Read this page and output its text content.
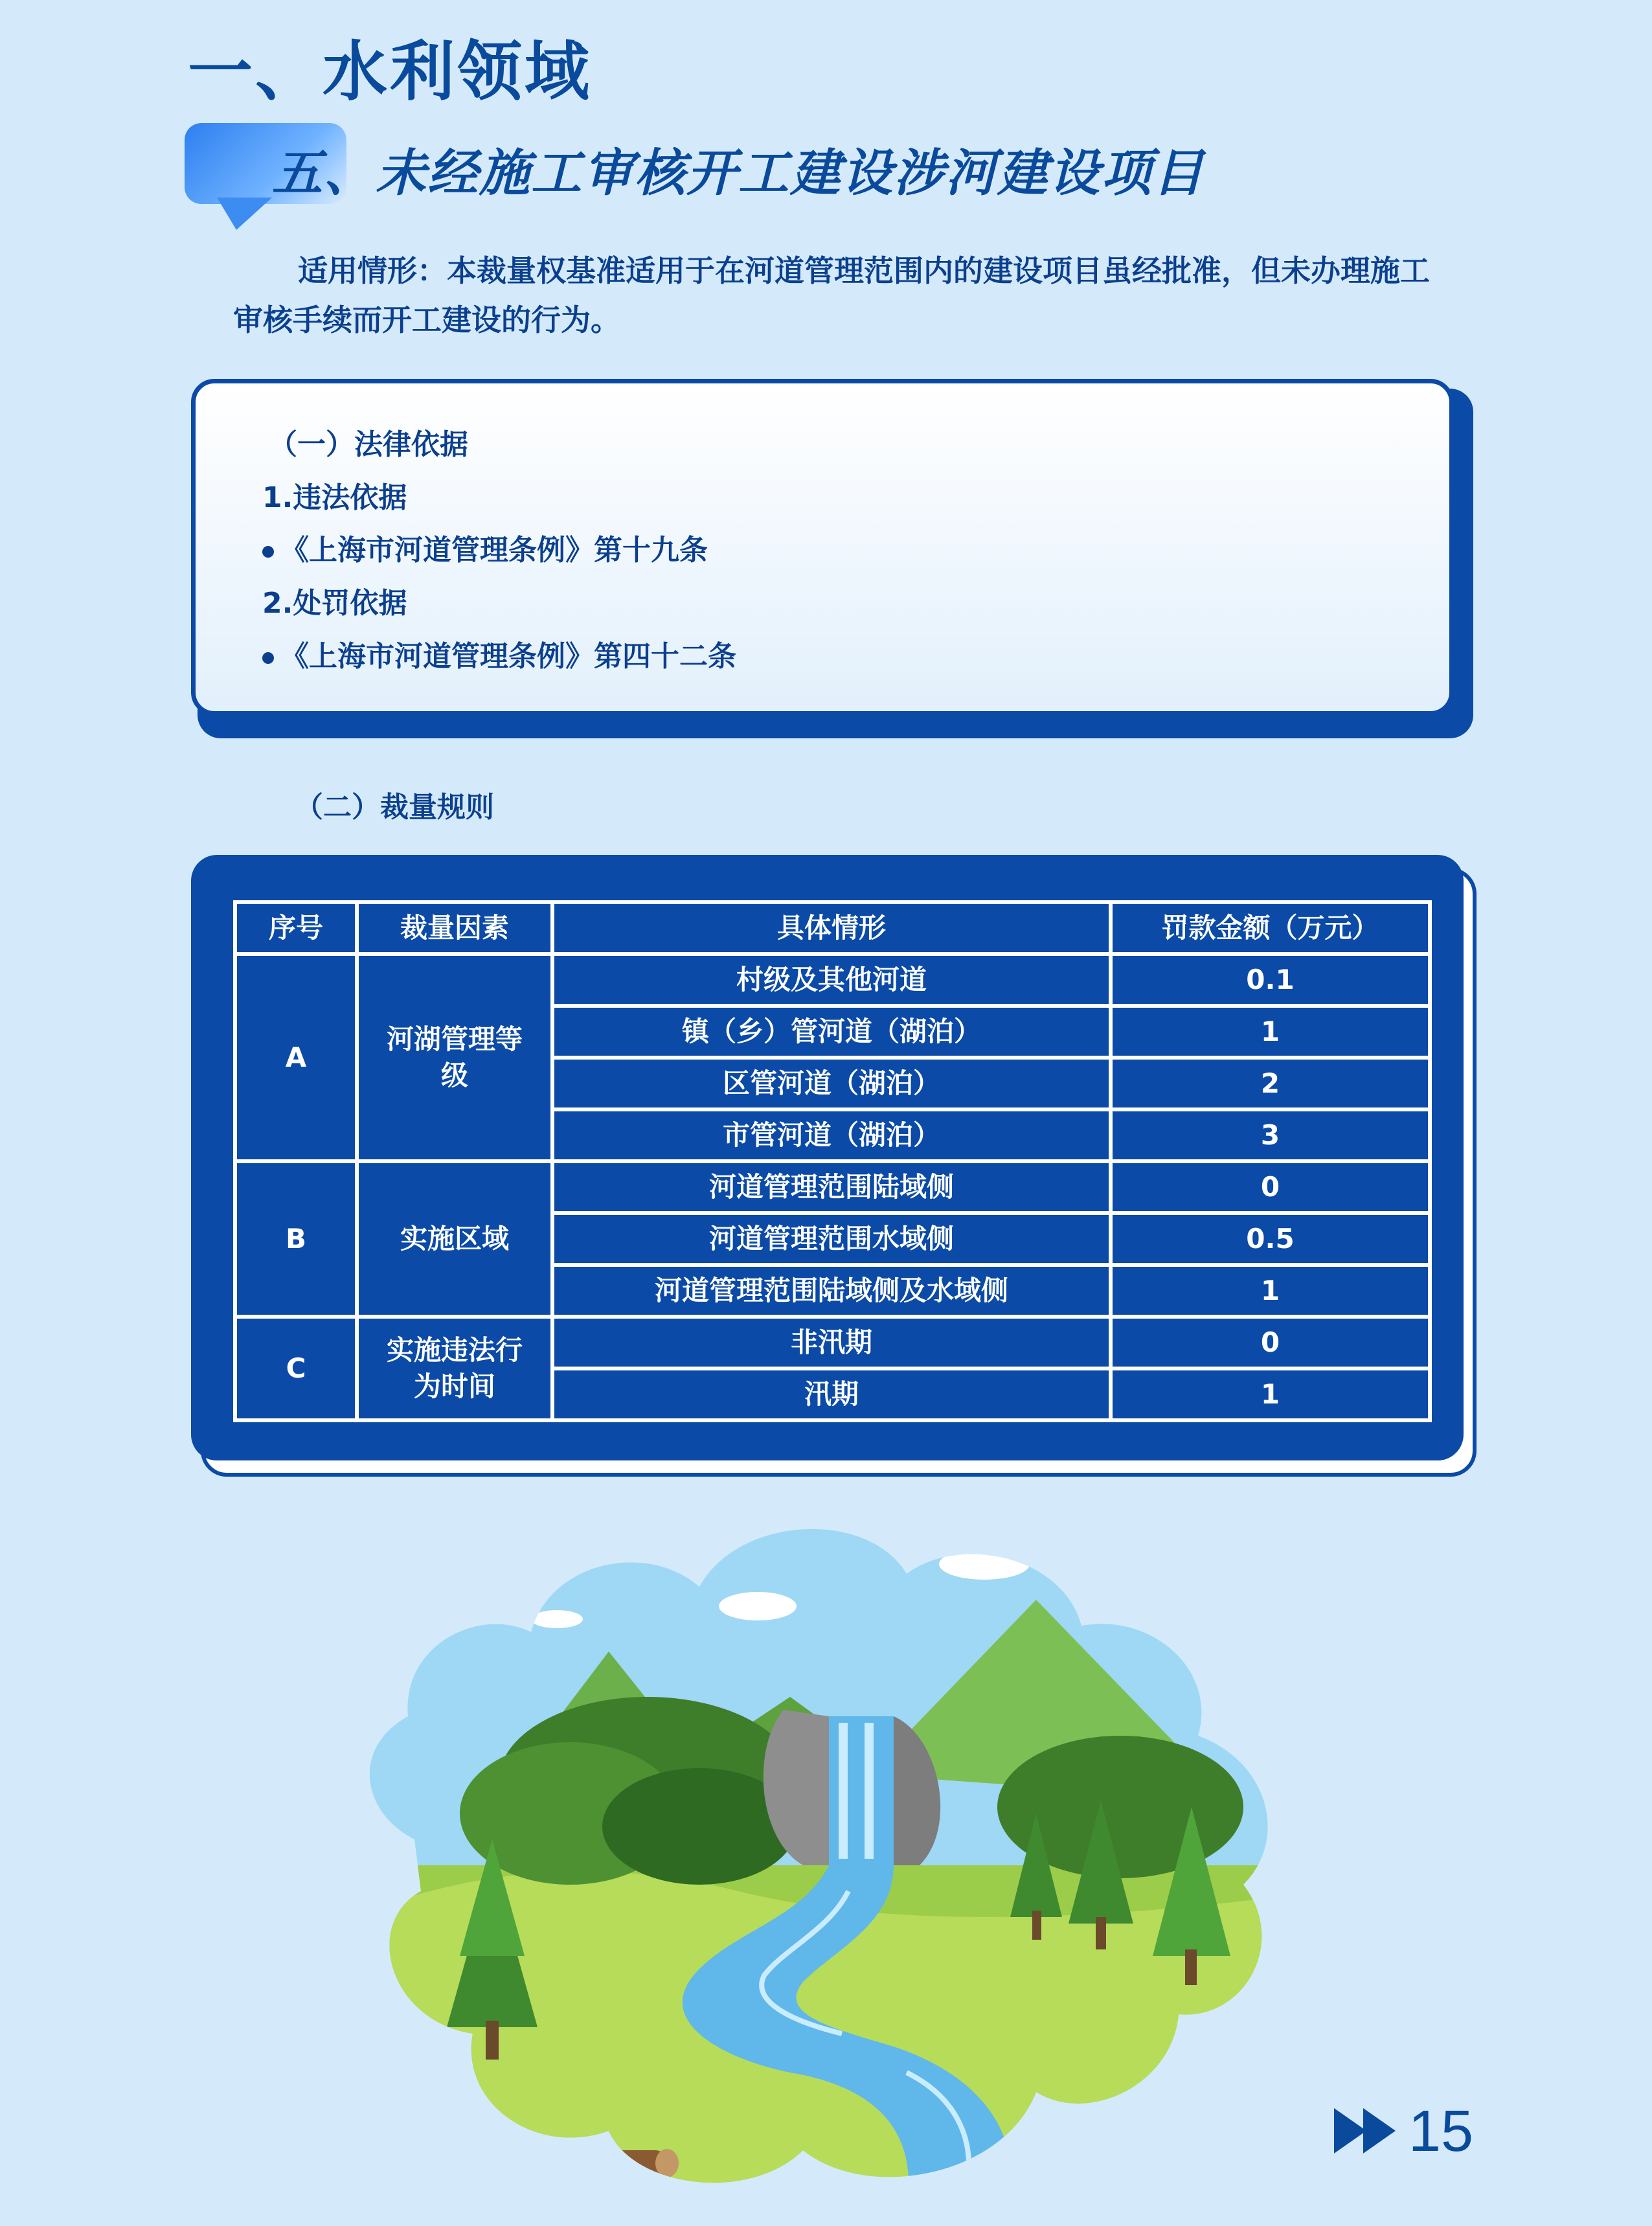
一、水利领域
五、未经施工审核开工建设涉河建设项目
适用情形：本裁量权基准适用于在河道管理范围内的建设项目虽经批准，但未办理施工审核手续而开工建设的行为。
（一）法律依据
1.违法依据
《上海市河道管理条例》第十九条
2.处罚依据
《上海市河道管理条例》第四十二条
（二）裁量规则
序号	裁量因素	具体情形	罚款金额（万元）
A	河湖管理等级	村级及其他河道	0.1
		镇（乡）管河道（湖泊）	1
		区管河道（湖泊）	2
		市管河道（湖泊）	3
B	实施区域	河道管理范围陆域侧	0
		河道管理范围水域侧	0.5
		河道管理范围陆域侧及水域侧	1
C	实施违法行为时间	非汛期	0
		汛期	1
15
